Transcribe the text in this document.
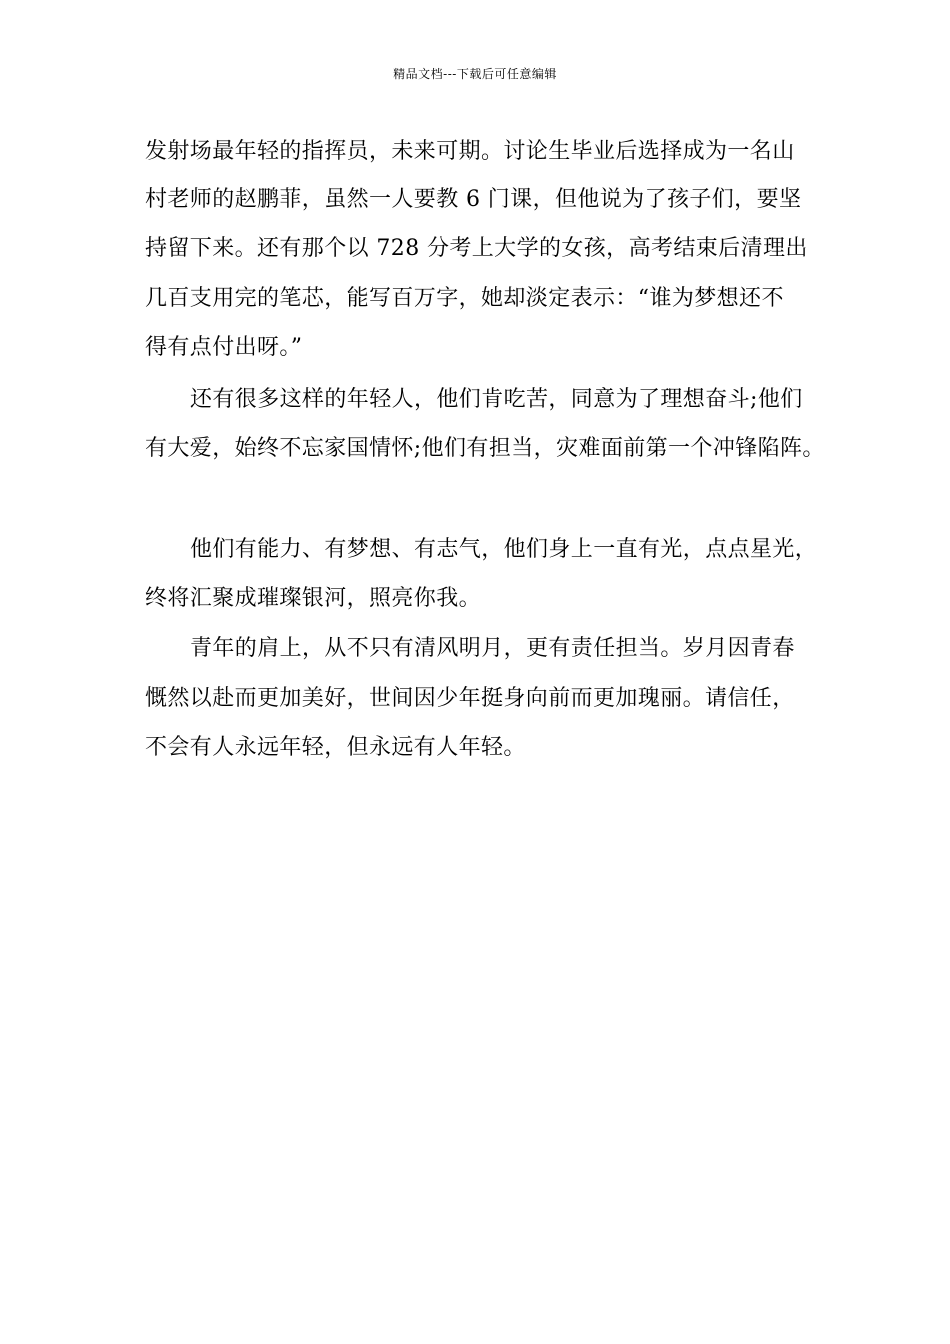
精品文档---下载后可任意编辑
发射场最年轻的指挥员，未来可期。讨论生毕业后选择成为一名山
村老师的赵鹏菲，虽然一人要教 6 门课，但他说为了孩子们，要坚
持留下来。还有那个以 728 分考上大学的女孩，高考结束后清理出
几百支用完的笔芯，能写百万字，她却淡定表示：“谁为梦想还不
得有点付出呀。”
还有很多这样的年轻人，他们肯吃苦，同意为了理想奋斗;他们
有大爱，始终不忘家国情怀;他们有担当，灾难面前第一个冲锋陷阵。
他们有能力、有梦想、有志气，他们身上一直有光，点点星光，
终将汇聚成璀璨银河，照亮你我。
青年的肩上，从不只有清风明月，更有责任担当。岁月因青春
慨然以赴而更加美好，世间因少年挺身向前而更加瑰丽。请信任，
不会有人永远年轻，但永远有人年轻。
